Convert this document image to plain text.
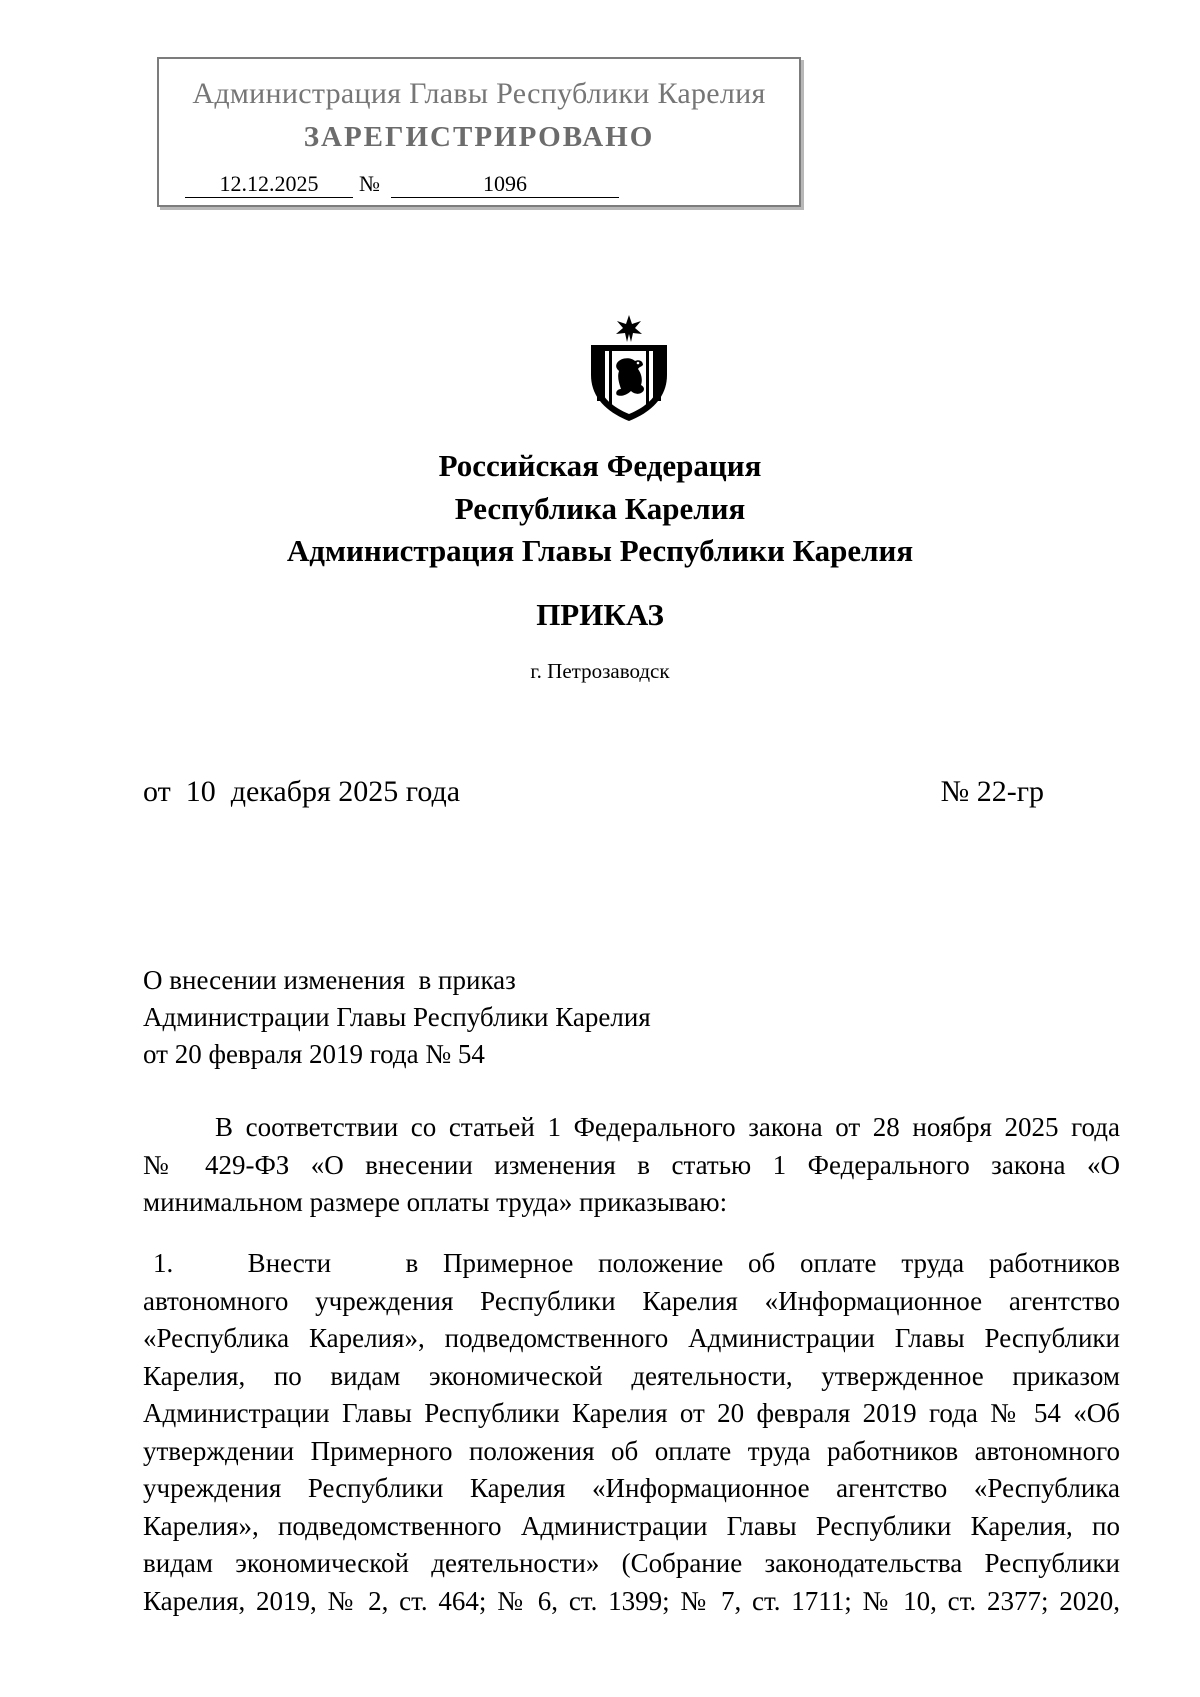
Администрация Главы Республики Карелия
ЗАРЕГИСТРИРОВАНО
12.12.2025	№	1096
Российская Федерация
Республика Карелия
Администрация Главы Республики Карелия
ПРИКАЗ
г. Петрозаводск
от  10  декабря 2025 года	№ 22-гр
О внесении изменения  в приказ
Администрации Главы Республики Карелия
от 20 февраля 2019 года № 54
В соответствии со статьей 1 Федерального закона от 28 ноября 2025 года
№ 429-ФЗ «О внесении изменения в статью 1 Федерального закона «О
минимальном размере оплаты труда» приказываю:
1.      Внести      в  Примерное  положение  об  оплате  труда  работников
автономного учреждения Республики Карелия «Информационное агентство
«Республика Карелия», подведомственного Администрации Главы Республики
Карелия, по видам экономической деятельности, утвержденное приказом
Администрации Главы Республики Карелия от 20 февраля 2019 года № 54 «Об
утверждении Примерного положения об оплате труда работников автономного
учреждения Республики Карелия «Информационное агентство «Республика
Карелия», подведомственного Администрации Главы Республики Карелия, по
видам экономической деятельности» (Собрание законодательства Республики
Карелия, 2019, № 2, ст. 464; № 6, ст. 1399; № 7, ст. 1711; № 10, ст. 2377; 2020,
